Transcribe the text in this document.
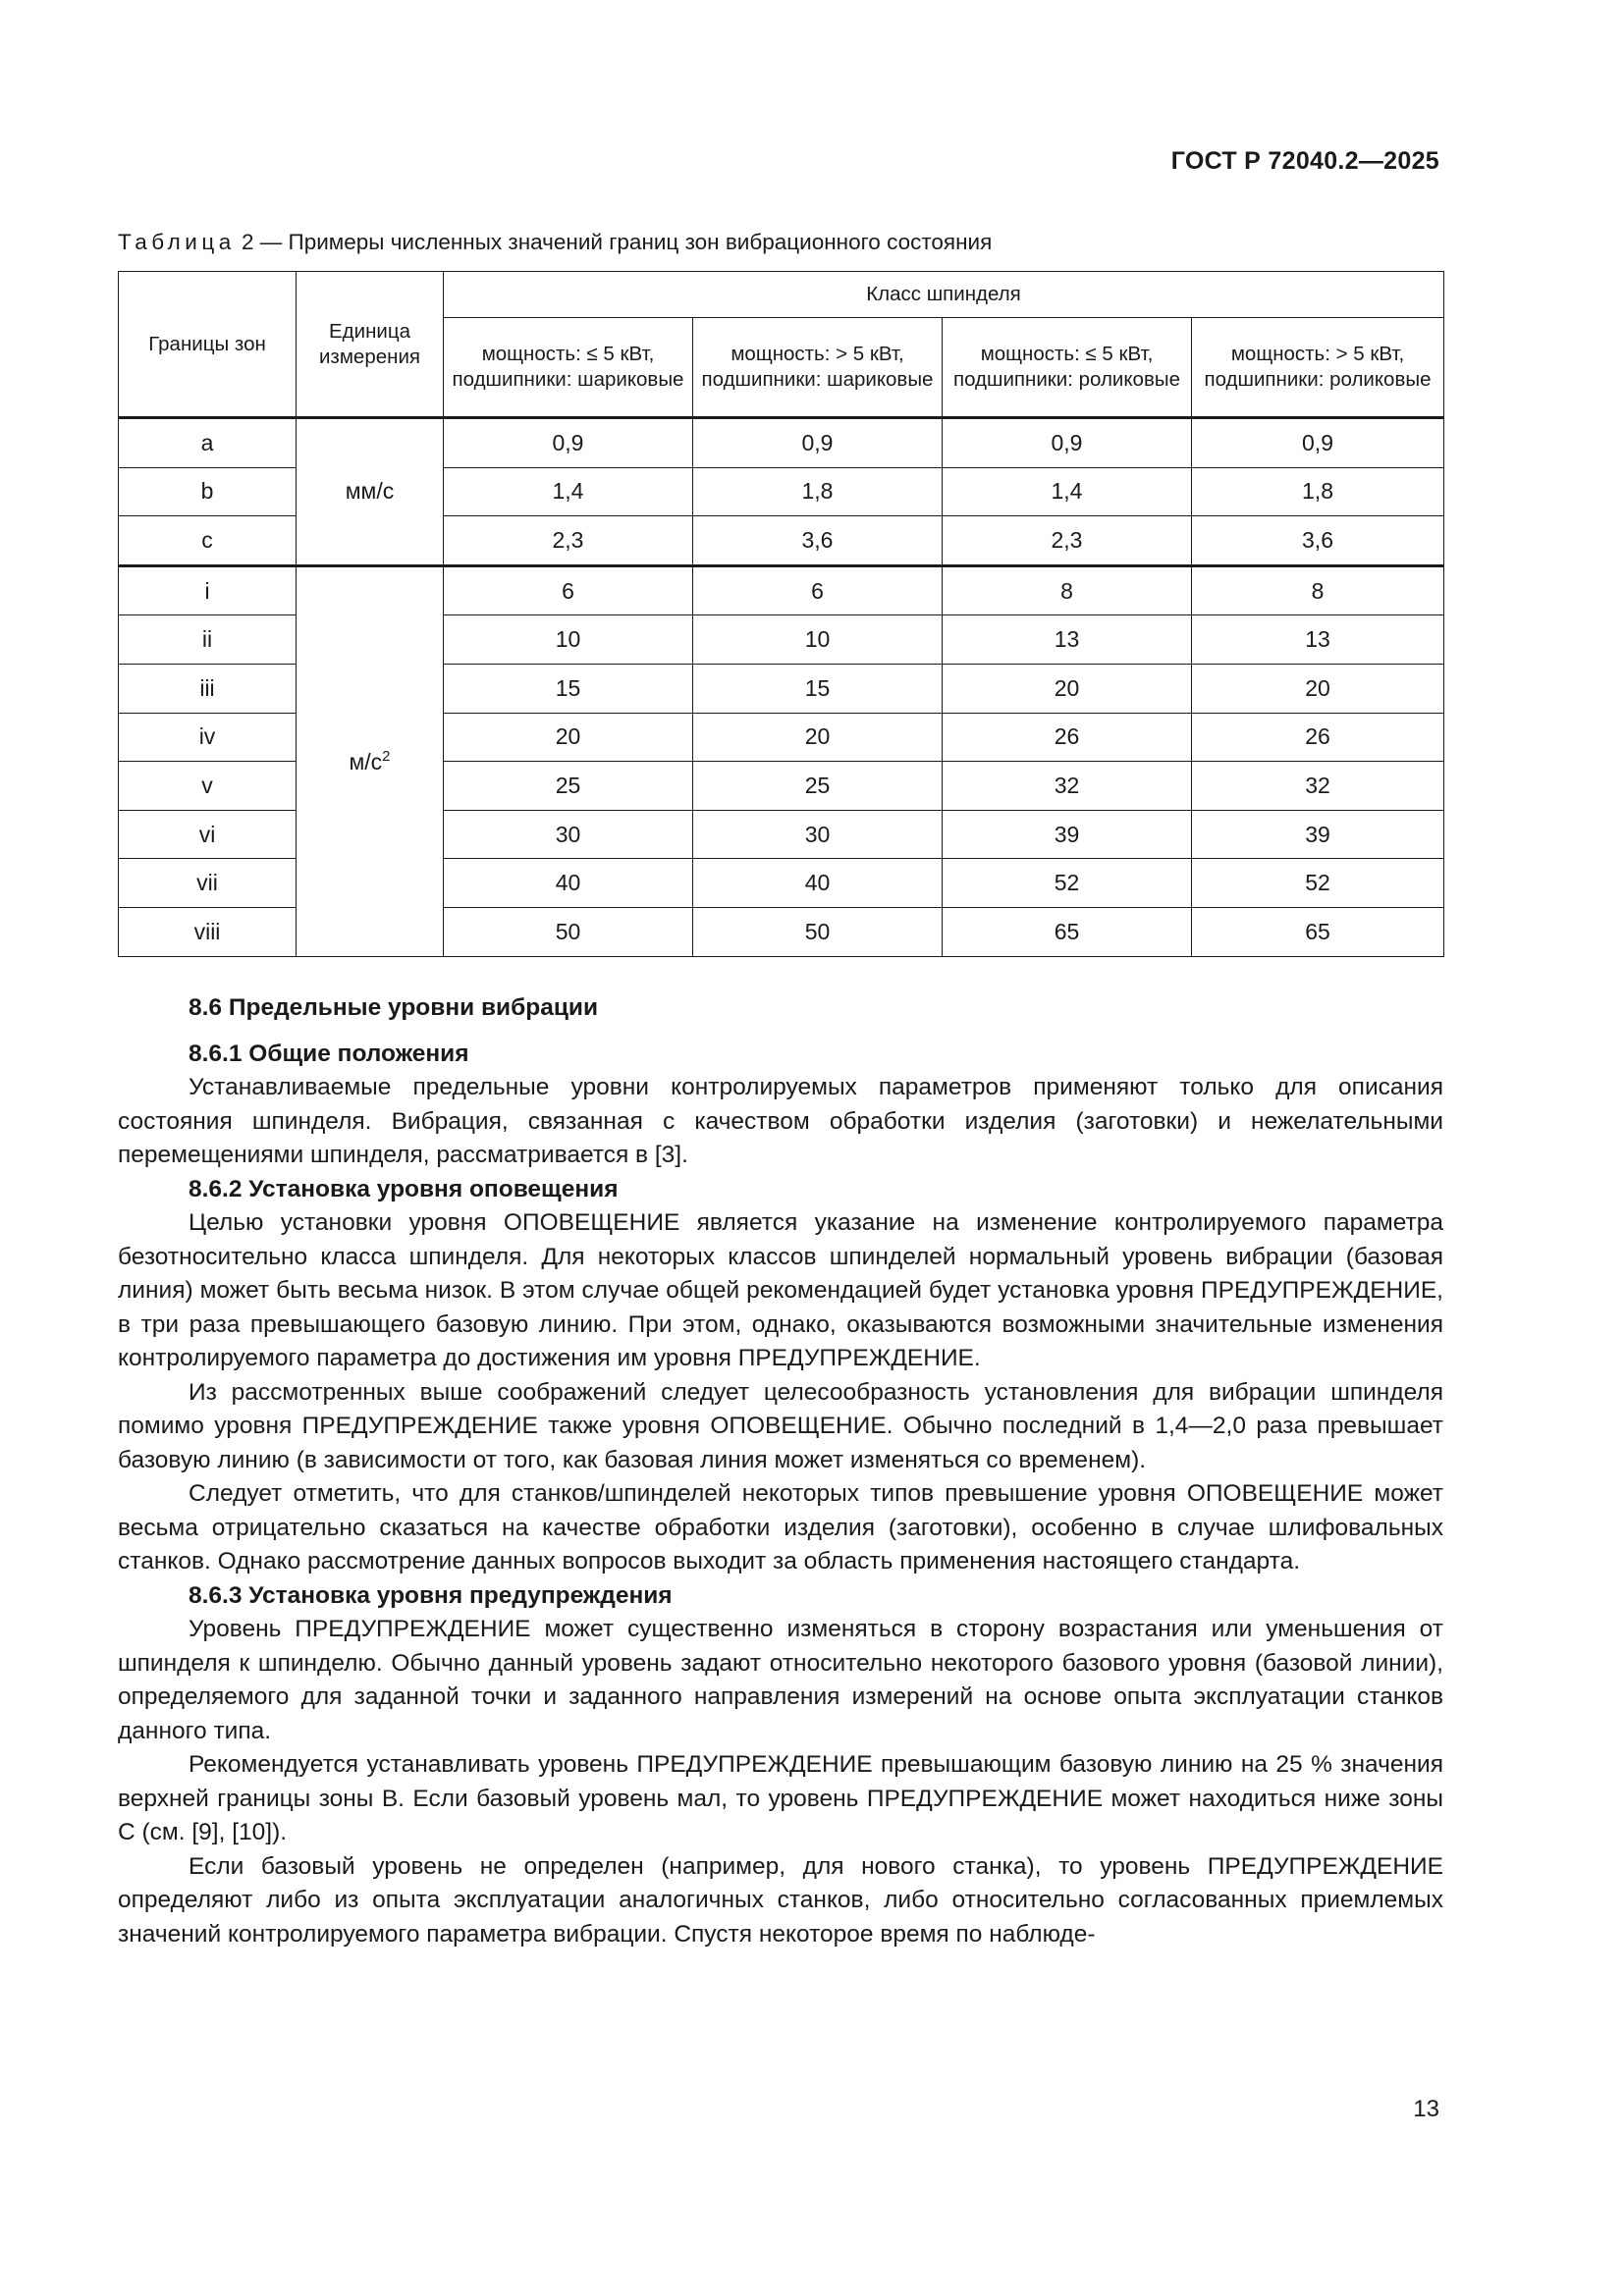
ГОСТ Р 72040.2—2025
Таблица 2 — Примеры численных значений границ зон вибрационного состояния
Границы зон	Единица измерения	Класс шпинделя			
		мощность: ≤ 5 кВт, подшипники: шариковые	мощность: > 5 кВт, подшипники: шариковые	мощность: ≤ 5 кВт, подшипники: роликовые	мощность: > 5 кВт, подшипники: роликовые
a	мм/с	0,9	0,9	0,9	0,9
b		1,4	1,8	1,4	1,8
c		2,3	3,6	2,3	3,6
i	$м/с^2$	6	6	8	8
ii		10	10	13	13
iii		15	15	20	20
iv		20	20	26	26
v		25	25	32	32
vi		30	30	39	39
vii		40	40	52	52
viii		50	50	65	65
8.6 Предельные уровни вибрации
8.6.1 Общие положения

Устанавливаемые предельные уровни контролируемых параметров применяют только для описания состояния шпинделя. Вибрация, связанная с качеством обработки изделия (заготовки) и нежелательными перемещениями шпинделя, рассматривается в [3].

8.6.2 Установка уровня оповещения

Целью установки уровня ОПОВЕЩЕНИЕ является указание на изменение контролируемого параметра безотносительно класса шпинделя. Для некоторых классов шпинделей нормальный уровень вибрации (базовая линия) может быть весьма низок. В этом случае общей рекомендацией будет установка уровня ПРЕДУПРЕЖДЕНИЕ, в три раза превышающего базовую линию. При этом, однако, оказываются возможными значительные изменения контролируемого параметра до достижения им уровня ПРЕДУПРЕЖДЕНИЕ.

Из рассмотренных выше соображений следует целесообразность установления для вибрации шпинделя помимо уровня ПРЕДУПРЕЖДЕНИЕ также уровня ОПОВЕЩЕНИЕ. Обычно последний в 1,4—2,0 раза превышает базовую линию (в зависимости от того, как базовая линия может изменяться со временем).

Следует отметить, что для станков/шпинделей некоторых типов превышение уровня ОПОВЕЩЕНИЕ может весьма отрицательно сказаться на качестве обработки изделия (заготовки), особенно в случае шлифовальных станков. Однако рассмотрение данных вопросов выходит за область применения настоящего стандарта.

8.6.3 Установка уровня предупреждения

Уровень ПРЕДУПРЕЖДЕНИЕ может существенно изменяться в сторону возрастания или уменьшения от шпинделя к шпинделю. Обычно данный уровень задают относительно некоторого базового уровня (базовой линии), определяемого для заданной точки и заданного направления измерений на основе опыта эксплуатации станков данного типа.

Рекомендуется устанавливать уровень ПРЕДУПРЕЖДЕНИЕ превышающим базовую линию на 25 % значения верхней границы зоны В. Если базовый уровень мал, то уровень ПРЕДУПРЕЖДЕНИЕ может находиться ниже зоны С (см. [9], [10]).

Если базовый уровень не определен (например, для нового станка), то уровень ПРЕДУПРЕЖДЕНИЕ определяют либо из опыта эксплуатации аналогичных станков, либо относительно согласованных приемлемых значений контролируемого параметра вибрации. Спустя некоторое время по наблюде-

13
